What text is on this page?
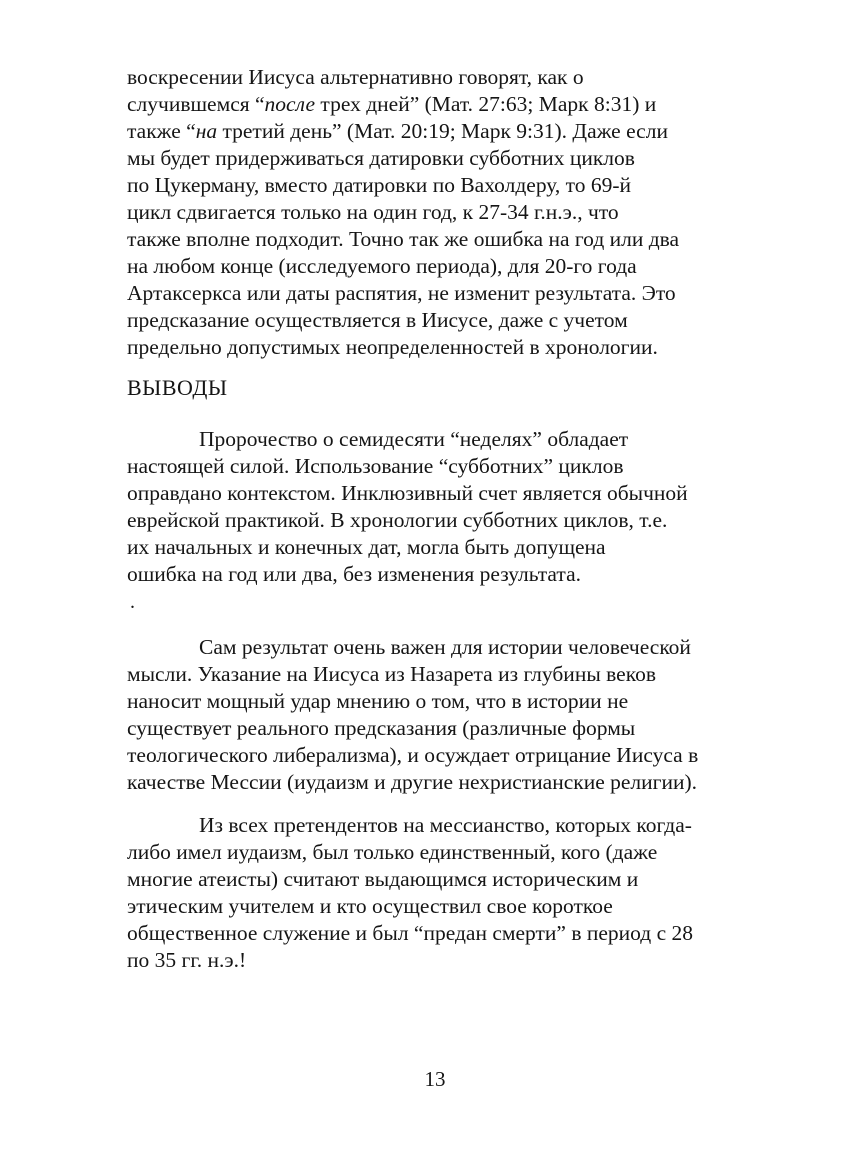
воскресении Иисуса альтернативно говорят, как о
случившемся “после трех дней” (Мат. 27:63; Марк 8:31) и
также “на третий день” (Мат. 20:19; Марк 9:31). Даже если
мы будет придерживаться датировки субботних циклов
по Цукерману, вместо датировки по Вахолдеру, то 69-й
цикл сдвигается только на один год, к 27-34 г.н.э., что
также вполне подходит. Точно так же ошибка на год или два
на любом конце (исследуемого периода), для 20-го года
Артаксеркса или даты распятия, не изменит результата. Это
предсказание осуществляется в Иисусе, даже с учетом
предельно допустимых неопределенностей в хронологии.
ВЫВОДЫ
Пророчество о семидесяти “неделях” обладает
настоящей силой. Использование “субботних” циклов
оправдано контекстом. Инклюзивный счет является обычной
еврейской практикой. В хронологии субботних циклов, т.е.
их начальных и конечных дат, могла быть допущена
ошибка на год или два, без изменения результата.
.
Сам результат очень важен для истории человеческой
мысли. Указание на Иисуса из Назарета из глубины веков
наносит мощный удар мнению о том, что в истории не
существует реального предсказания (различные формы
теологического либерализма), и осуждает отрицание Иисуса в
качестве Мессии (иудаизм и другие нехристианские религии).
Из всех претендентов на мессианство, которых когда-
либо имел иудаизм, был только единственный, кого (даже
многие атеисты) считают выдающимся историческим и
этическим учителем и кто осуществил свое короткое
общественное служение и был “предан смерти” в период с 28
по 35 гг. н.э.!
13
